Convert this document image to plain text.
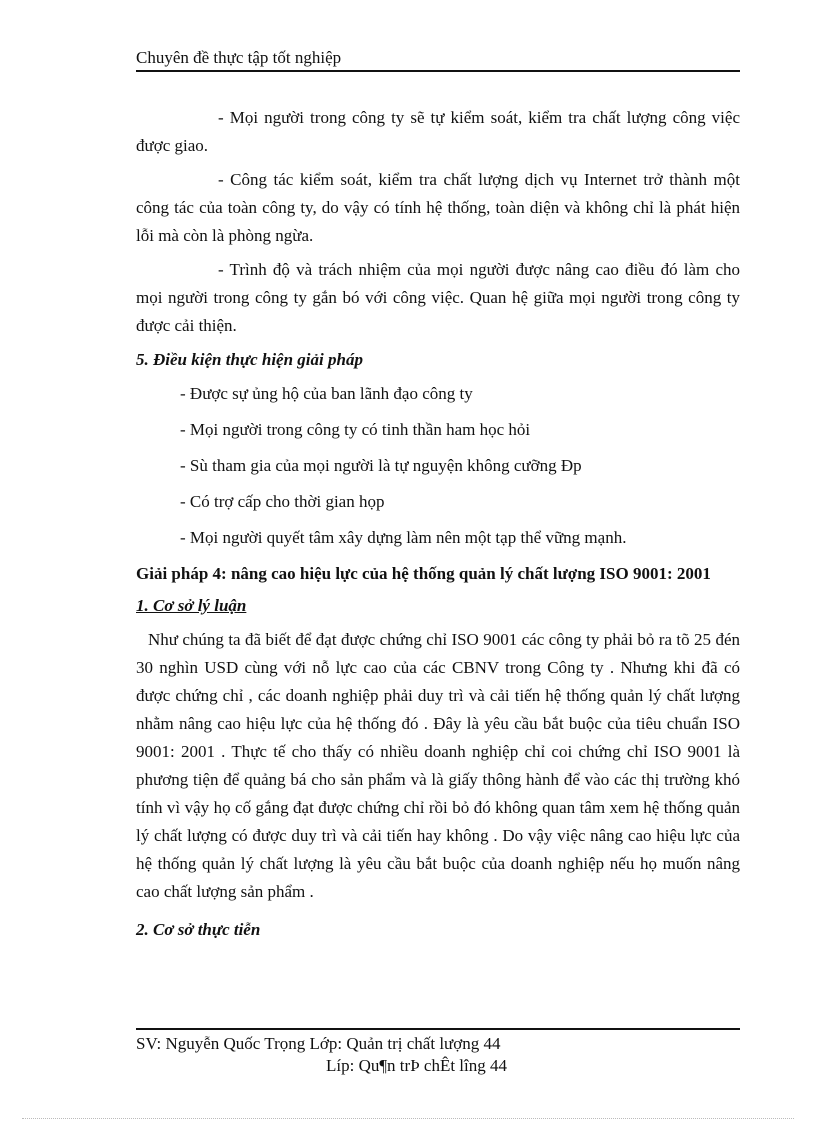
Chuyên đề thực tập tốt nghiệp

- Mọi người trong công ty sẽ tự kiểm soát, kiểm tra chất lượng công việc được giao.

- Công tác kiểm soát, kiểm tra chất lượng dịch vụ Internet trở thành một công tác của toàn công ty, do vậy có tính hệ thống, toàn diện và không chỉ là phát hiện lỗi mà còn là phòng ngừa.

- Trình độ và trách nhiệm của mọi người được nâng cao điều đó làm cho mọi người trong công ty gắn bó với công việc. Quan hệ giữa mọi người trong công ty được cải thiện.

5. Điều kiện thực hiện giải pháp

- Được sự ủng hộ của ban lãnh đạo công ty

- Mọi người trong công ty có tinh thần ham học hỏi

- Sù tham gia của mọi người là tự nguyện không cưỡng Đp

- Có trợ cấp cho thời gian họp

- Mọi người quyết tâm xây dựng làm nên một tạp thể vững mạnh.

Giải pháp 4: nâng cao hiệu lực của hệ thống quản lý chất lượng ISO 9001: 2001
1. Cơ sở lý luận

Như chúng ta đã biết để đạt được chứng chỉ ISO 9001 các công ty phải bỏ ra tõ 25 đén 30 nghìn USD cùng với nỗ lực cao của các CBNV trong Công ty . Nhưng khi đã có được chứng chỉ , các doanh nghiệp phải duy trì và cải tiến hệ thống quản lý chất lượng nhằm nâng cao hiệu lực của hệ thống đó . Đây là yêu cầu bắt buộc của tiêu chuẩn ISO 9001: 2001 . Thực tế cho thấy có nhiều doanh nghiệp chỉ coi chứng chỉ ISO 9001 là phương tiện để quảng bá cho sản phẩm và là giấy thông hành để vào các thị trường khó tính vì vậy họ cố gắng đạt được chứng chỉ rồi bỏ đó không quan tâm xem hệ thống quản lý chất lượng có được duy trì và cải tiến hay không . Do vậy việc nâng cao hiệu lực của hệ thống quản lý chất lượng là yêu cầu bắt buộc của doanh nghiệp nếu họ muốn nâng cao chất lượng sản phẩm .

2. Cơ sở thực tiễn
SV: Nguyễn Quốc Trọng Lớp: Quản trị chất lượng 44
Líp: Qu¶n trÞ chÊt lîng 44
